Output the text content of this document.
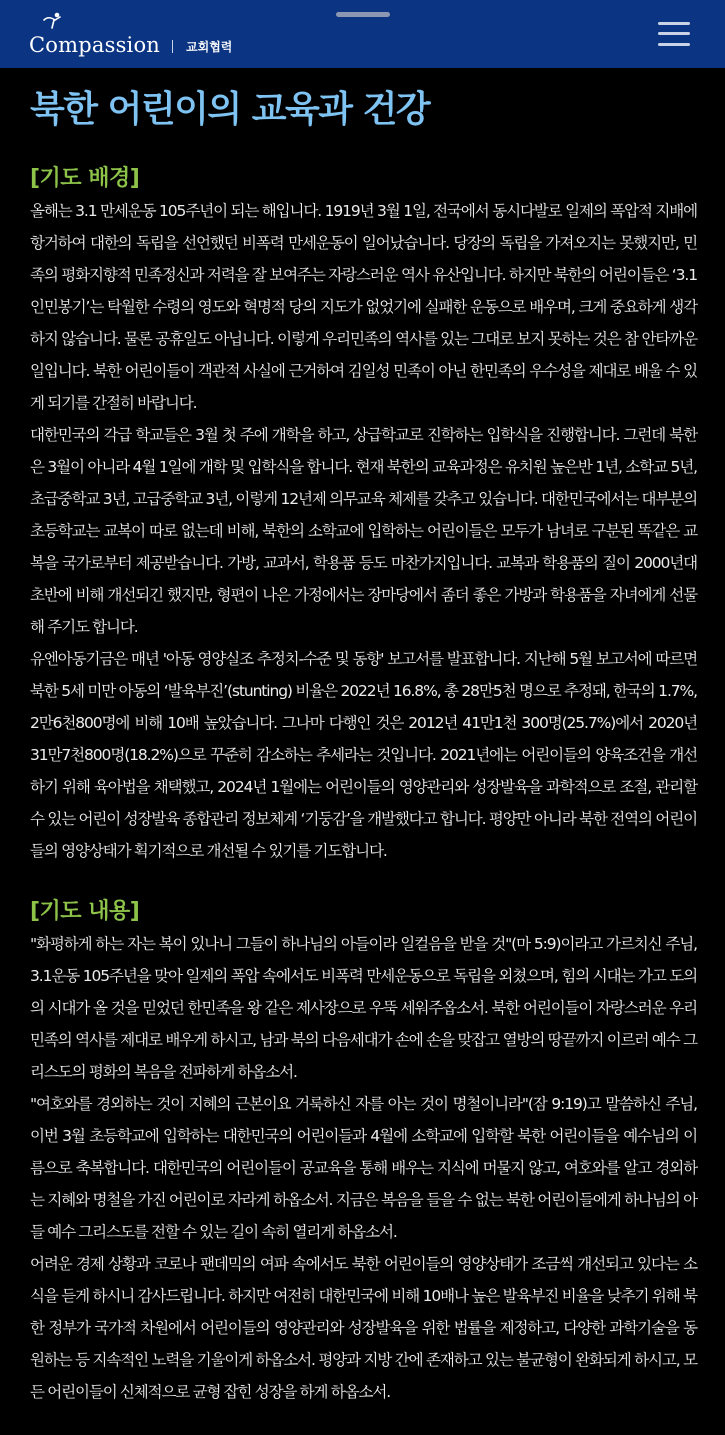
Compassion 교회협력
북한 어린이의 교육과 건강
[기도 배경]

올해는 3.1 만세운동 105주년이 되는 해입니다. 1919년 3월 1일, 전국에서 동시다발로 일제의 폭압적 지배에 항거하여 대한의 독립을 선언했던 비폭력 만세운동이 일어났습니다. 당장의 독립을 가져오지는 못했지만, 민족의 평화지향적 민족정신과 저력을 잘 보여주는 자랑스러운 역사 유산입니다. 하지만 북한의 어린이들은 ‘3.1인민봉기’는 탁월한 수령의 영도와 혁명적 당의 지도가 없었기에 실패한 운동으로 배우며, 크게 중요하게 생각하지 않습니다. 물론 공휴일도 아닙니다. 이렇게 우리민족의 역사를 있는 그대로 보지 못하는 것은 참 안타까운 일입니다. 북한 어린이들이 객관적 사실에 근거하여 김일성 민족이 아닌 한민족의 우수성을 제대로 배울 수 있게 되기를 간절히 바랍니다.

대한민국의 각급 학교들은 3월 첫 주에 개학을 하고, 상급학교로 진학하는 입학식을 진행합니다. 그런데 북한은 3월이 아니라 4월 1일에 개학 및 입학식을 합니다. 현재 북한의 교육과정은 유치원 높은반 1년, 소학교 5년, 초급중학교 3년, 고급중학교 3년, 이렇게 12년제 의무교육 체제를 갖추고 있습니다. 대한민국에서는 대부분의 초등학교는 교복이 따로 없는데 비해, 북한의 소학교에 입학하는 어린이들은 모두가 남녀로 구분된 똑같은 교복을 국가로부터 제공받습니다. 가방, 교과서, 학용품 등도 마찬가지입니다. 교복과 학용품의 질이 2000년대 초반에 비해 개선되긴 했지만, 형편이 나은 가정에서는 장마당에서 좀더 좋은 가방과 학용품을 자녀에게 선물해 주기도 합니다.

유엔아동기금은 매년 '아동 영양실조 추정치-수준 및 동향' 보고서를 발표합니다. 지난해 5월 보고서에 따르면 북한 5세 미만 아동의 ‘발육부진’(stunting) 비율은 2022년 16.8%, 총 28만5천 명으로 추정돼, 한국의 1.7%, 2만6천800명에 비해 10배 높았습니다. 그나마 다행인 것은 2012년 41만1천 300명(25.7%)에서 2020년 31만7천800명(18.2%)으로 꾸준히 감소하는 추세라는 것입니다. 2021년에는 어린이들의 양육조건을 개선하기 위해 육아법을 채택했고, 2024년 1월에는 어린이들의 영양관리와 성장발육을 과학적으로 조절, 관리할 수 있는 어린이 성장발육 종합관리 정보체계 ‘기둥감’을 개발했다고 합니다. 평양만 아니라 북한 전역의 어린이들의 영양상태가 획기적으로 개선될 수 있기를 기도합니다.

[기도 내용]

"화평하게 하는 자는 복이 있나니 그들이 하나님의 아들이라 일컬음을 받을 것"(마 5:9)이라고 가르치신 주님, 3.1운동 105주년을 맞아 일제의 폭압 속에서도 비폭력 만세운동으로 독립을 외쳤으며, 힘의 시대는 가고 도의의 시대가 올 것을 믿었던 한민족을 왕 같은 제사장으로 우뚝 세워주옵소서. 북한 어린이들이 자랑스러운 우리민족의 역사를 제대로 배우게 하시고, 남과 북의 다음세대가 손에 손을 맞잡고 열방의 땅끝까지 이르러 예수 그리스도의 평화의 복음을 전파하게 하옵소서.

"여호와를 경외하는 것이 지혜의 근본이요 거룩하신 자를 아는 것이 명철이니라"(잠 9:19)고 말씀하신 주님, 이번 3월 초등학교에 입학하는 대한민국의 어린이들과 4월에 소학교에 입학할 북한 어린이들을 예수님의 이름으로 축복합니다. 대한민국의 어린이들이 공교육을 통해 배우는 지식에 머물지 않고, 여호와를 알고 경외하는 지혜와 명철을 가진 어린이로 자라게 하옵소서. 지금은 복음을 들을 수 없는 북한 어린이들에게 하나님의 아들 예수 그리스도를 전할 수 있는 길이 속히 열리게 하옵소서.

어려운 경제 상황과 코로나 팬데믹의 여파 속에서도 북한 어린이들의 영양상태가 조금씩 개선되고 있다는 소식을 듣게 하시니 감사드립니다. 하지만 여전히 대한민국에 비해 10배나 높은 발육부진 비율을 낮추기 위해 북한 정부가 국가적 차원에서 어린이들의 영양관리와 성장발육을 위한 법률을 제정하고, 다양한 과학기술을 동원하는 등 지속적인 노력을 기울이게 하옵소서. 평양과 지방 간에 존재하고 있는 불균형이 완화되게 하시고, 모든 어린이들이 신체적으로 균형 잡힌 성장을 하게 하옵소서.
